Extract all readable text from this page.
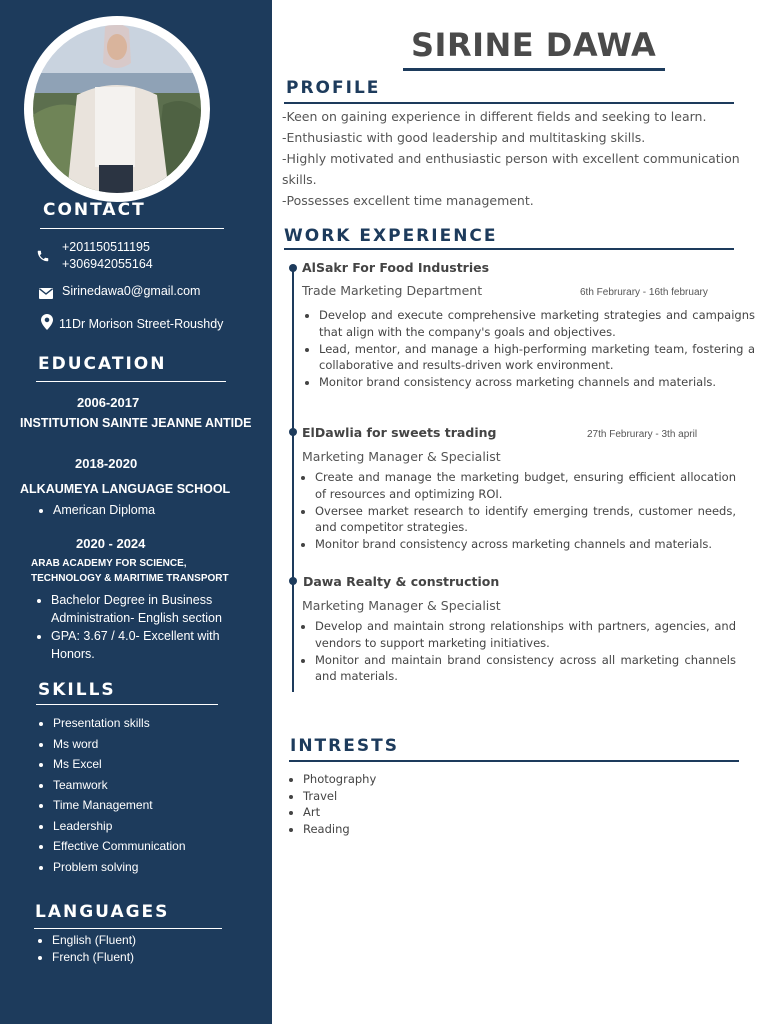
CONTACT
+201150511195
+306942055164
Sirinedawa0@gmail.com
11Dr Morison Street-Roushdy
EDUCATION
2006-2017
INSTITUTION SAINTE JEANNE ANTIDE
2018-2020
ALKAUMEYA LANGUAGE SCHOOL
• American Diploma
2020 - 2024
ARAB ACADEMY FOR SCIENCE,
TECHNOLOGY & MARITIME TRANSPORT
• Bachelor Degree in Business Administration- English section
• GPA: 3.67 / 4.0- Excellent with Honors.
SKILLS
• Presentation skills
• Ms word
• Ms Excel
• Teamwork
• Time Management
• Leadership
• Effective Communication
• Problem solving
LANGUAGES
• English (Fluent)
• French (Fluent)
SIRINE DAWA
PROFILE

-Keen on gaining experience in different fields and seeking to learn.

-Enthusiastic with good leadership and multitasking skills.

-Highly motivated and enthusiastic person with excellent communication skills.

-Possesses excellent time management.

WORK EXPERIENCE
AlSakr For Food Industries
Trade Marketing Department	6th Februrary - 16th february
• Develop and execute comprehensive marketing strategies and campaigns that align with the company's goals and objectives.
• Lead, mentor, and manage a high-performing marketing team, fostering a collaborative and results-driven work environment.
• Monitor brand consistency across marketing channels and materials.
ElDawlia for sweets trading
Marketing Manager & Specialist
27th Februrary - 3th april
• Create and manage the marketing budget, ensuring efficient allocation of resources and optimizing ROI.
• Oversee market research to identify emerging trends, customer needs, and competitor strategies.
• Monitor brand consistency across marketing channels and materials.
Dawa Realty & construction
Marketing Manager & Specialist
• Develop and maintain strong relationships with partners, agencies, and vendors to support marketing initiatives.
• Monitor and maintain brand consistency across all marketing channels and materials.
INTRESTS
• Photography
• Travel
• Art
• Reading
